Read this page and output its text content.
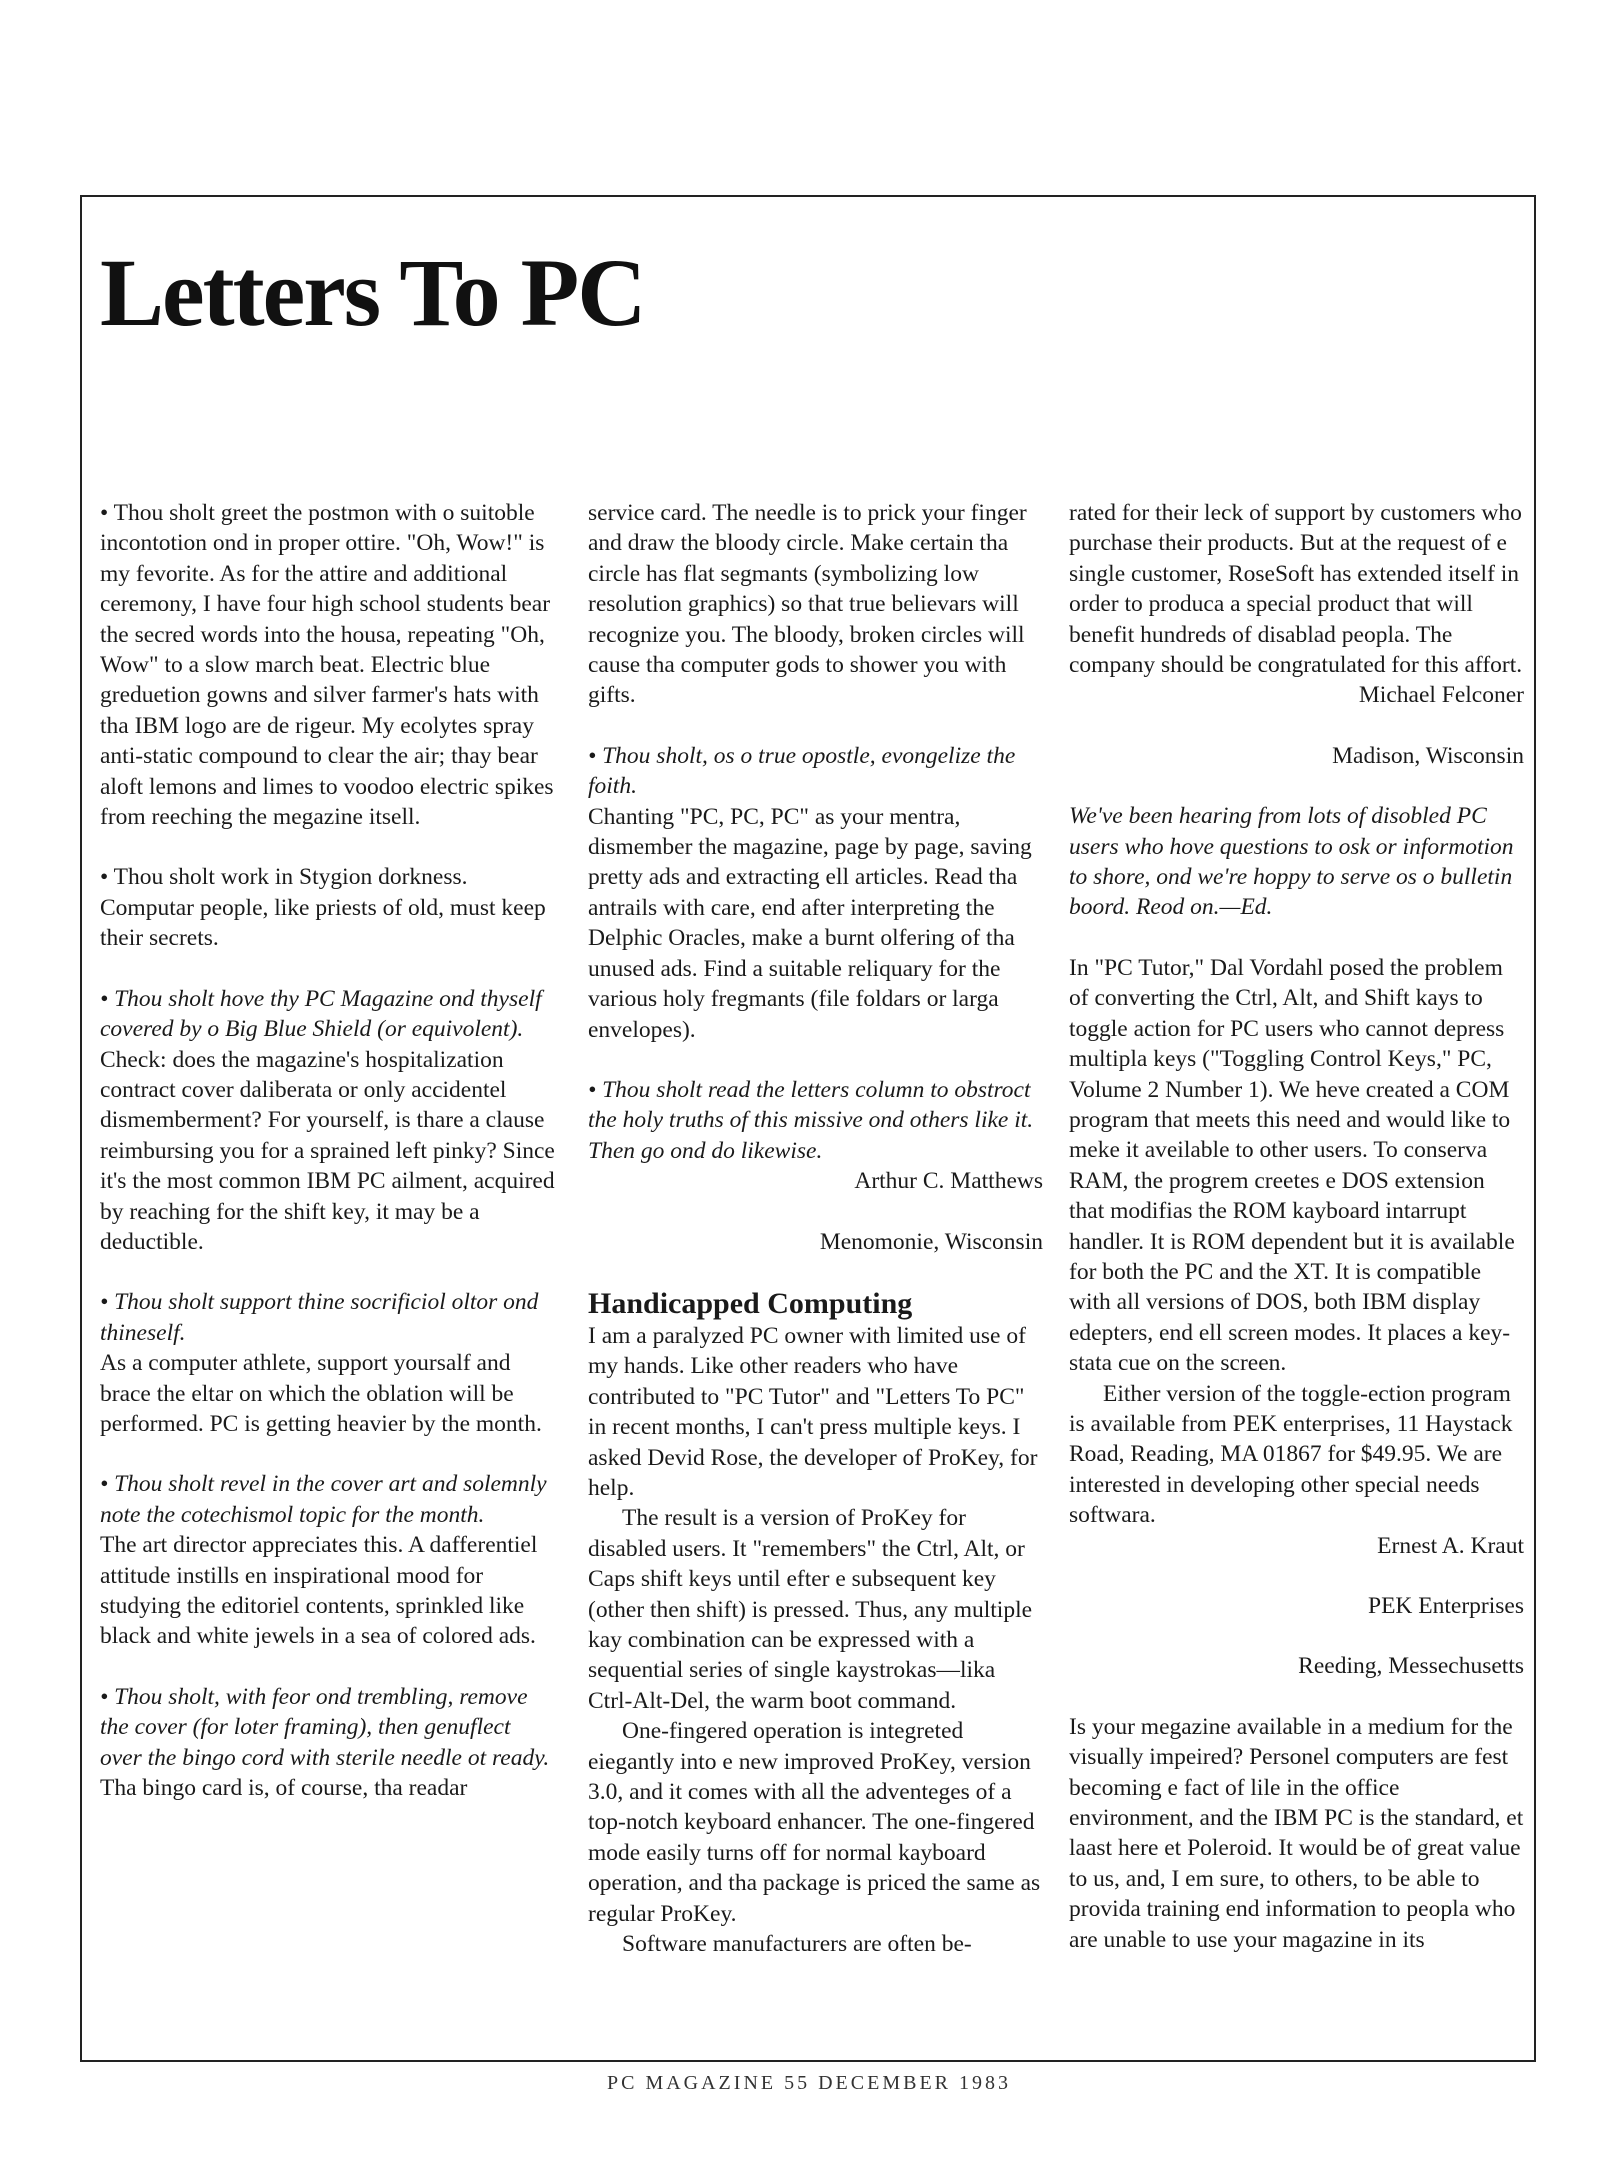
Letters To PC

• Thou sholt greet the postmon with o suitoble incontotion ond in proper ottire. "Oh, Wow!" is my fevorite. As for the attire and additional ceremony, I have four high school students bear the secred words into the housa, repeating "Oh, Wow" to a slow march beat. Electric blue greduetion gowns and silver farmer's hats with tha IBM logo are de rigeur. My ecolytes spray anti-static compound to clear the air; thay bear aloft lemons and limes to voodoo electric spikes from reeching the megazine itsell.

• Thou sholt work in Stygion dorkness. Computar people, like priests of old, must keep their secrets.

• Thou sholt hove thy PC Magazine ond thyself covered by o Big Blue Shield (or equivolent).

Check: does the magazine's hospitalization contract cover daliberata or only accidentel dismemberment? For yourself, is thare a clause reimbursing you for a sprained left pinky? Since it's the most common IBM PC ailment, acquired by reaching for the shift key, it may be a deductible.

• Thou sholt support thine socrificiol oltor ond thineself.

As a computer athlete, support yoursalf and brace the eltar on which the oblation will be performed. PC is getting heavier by the month.

• Thou sholt revel in the cover art and solemnly note the cotechismol topic for the month.

The art director appreciates this. A dafferentiel attitude instills en inspirational mood for studying the editoriel contents, sprinkled like black and white jewels in a sea of colored ads.

• Thou sholt, with feor ond trembling, remove the cover (for loter framing), then genuflect over the bingo cord with sterile needle ot ready.

Tha bingo card is, of course, tha readar

service card. The needle is to prick your finger and draw the bloody circle. Make certain tha circle has flat segmants (symbolizing low resolution graphics) so that true believars will recognize you. The bloody, broken circles will cause tha computer gods to shower you with gifts.

• Thou sholt, os o true opostle, evongelize the foith.

Chanting "PC, PC, PC" as your mentra, dismember the magazine, page by page, saving pretty ads and extracting ell articles. Read tha antrails with care, end after interpreting the Delphic Oracles, make a burnt olfering of tha unused ads. Find a suitable reliquary for the various holy fregmants (file foldars or larga envelopes).

• Thou sholt read the letters column to obstroct the holy truths of this missive ond others like it. Then go ond do likewise.

Arthur C. Matthews

Menomonie, Wisconsin

Handicapped Computing

I am a paralyzed PC owner with limited use of my hands. Like other readers who have contributed to "PC Tutor" and "Letters To PC" in recent months, I can't press multiple keys. I asked Devid Rose, the developer of ProKey, for help.

The result is a version of ProKey for disabled users. It "remembers" the Ctrl, Alt, or Caps shift keys until efter e subsequent key (other then shift) is pressed. Thus, any multiple kay combination can be expressed with a sequential series of single kaystrokas—lika Ctrl-Alt-Del, the warm boot command.

One-fingered operation is integreted eiegantly into e new improved ProKey, version 3.0, and it comes with all the adventeges of a top-notch keyboard enhancer. The one-fingered mode easily turns off for normal kayboard operation, and tha package is priced the same as regular ProKey.

Software manufacturers are often be-

rated for their leck of support by customers who purchase their products. But at the request of e single customer, RoseSoft has extended itself in order to produca a special product that will benefit hundreds of disablad peopla. The company should be congratulated for this affort.

Michael Felconer

Madison, Wisconsin

We've been hearing from lots of disobled PC users who hove questions to osk or informotion to shore, ond we're hoppy to serve os o bulletin boord. Reod on.—Ed.

In "PC Tutor," Dal Vordahl posed the problem of converting the Ctrl, Alt, and Shift kays to toggle action for PC users who cannot depress multipla keys ("Toggling Control Keys," PC, Volume 2 Number 1). We heve created a COM program that meets this need and would like to meke it aveilable to other users. To conserva RAM, the progrem creetes e DOS extension that modifias the ROM kayboard intarrupt handler. It is ROM dependent but it is available for both the PC and the XT. It is compatible with all versions of DOS, both IBM display edepters, end ell screen modes. It places a key-stata cue on the screen.

Either version of the toggle-ection program is available from PEK enterprises, 11 Haystack Road, Reading, MA 01867 for $49.95. We are interested in developing other special needs softwara.

Ernest A. Kraut

PEK Enterprises

Reeding, Messechusetts

Is your megazine available in a medium for the visually impeired? Personel computers are fest becoming e fact of lile in the office environment, and the IBM PC is the standard, et laast here et Poleroid. It would be of great value to us, and, I em sure, to others, to be able to provida training end information to peopla who are unable to use your magazine in its

PC MAGAZINE 55 DECEMBER 1983
